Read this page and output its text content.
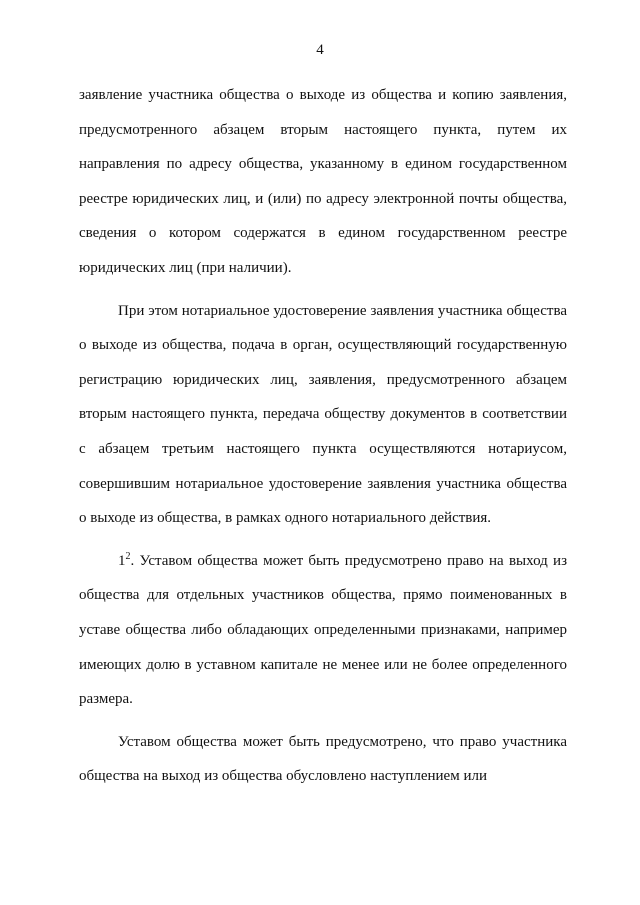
4

заявление участника общества о выходе из общества и копию заявления, предусмотренного абзацем вторым настоящего пункта, путем их направления по адресу общества, указанному в едином государственном реестре юридических лиц, и (или) по адресу электронной почты общества, сведения о котором содержатся в едином государственном реестре юридических лиц (при наличии).

При этом нотариальное удостоверение заявления участника общества о выходе из общества, подача в орган, осуществляющий государственную регистрацию юридических лиц, заявления, предусмотренного абзацем вторым настоящего пункта, передача обществу документов в соответствии с абзацем третьим настоящего пункта осуществляются нотариусом, совершившим нотариальное удостоверение заявления участника общества о выходе из общества, в рамках одного нотариального действия.

$1^2$. Уставом общества может быть предусмотрено право на выход из общества для отдельных участников общества, прямо поименованных в уставе общества либо обладающих определенными признаками, например имеющих долю в уставном капитале не менее или не более определенного размера.

Уставом общества может быть предусмотрено, что право участника общества на выход из общества обусловлено наступлением или
